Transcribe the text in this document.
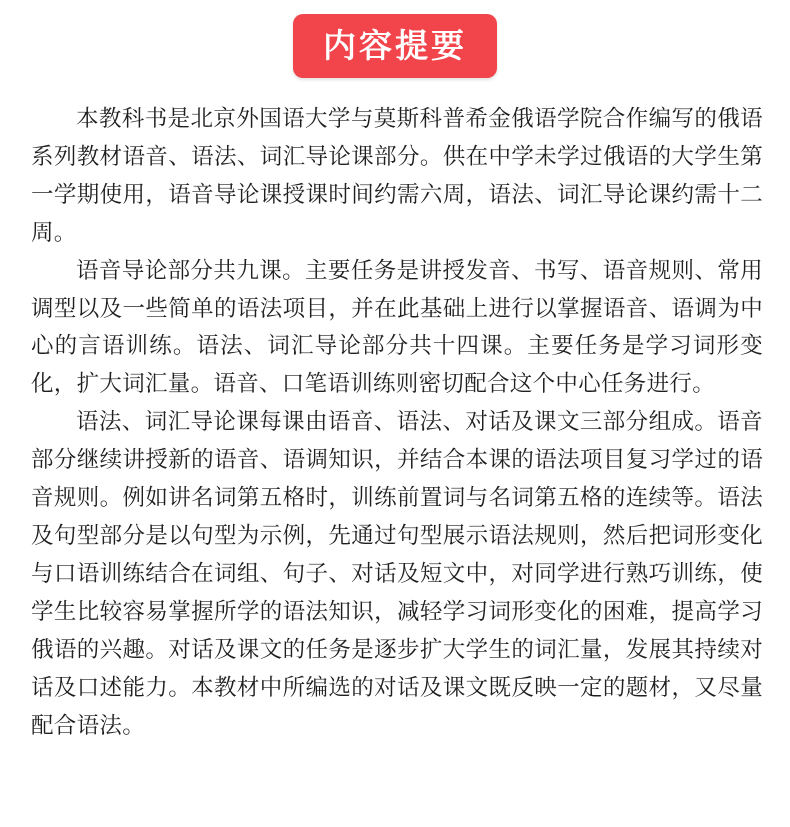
内容提要

本教科书是北京外国语大学与莫斯科普希金俄语学院合作编写的俄语系列教材语音、语法、词汇导论课部分。供在中学未学过俄语的大学生第一学期使用，语音导论课授课时间约需六周，语法、词汇导论课约需十二周。

语音导论部分共九课。主要任务是讲授发音、书写、语音规则、常用调型以及一些简单的语法项目，并在此基础上进行以掌握语音、语调为中心的言语训练。语法、词汇导论部分共十四课。主要任务是学习词形变化，扩大词汇量。语音、口笔语训练则密切配合这个中心任务进行。

语法、词汇导论课每课由语音、语法、对话及课文三部分组成。语音部分继续讲授新的语音、语调知识，并结合本课的语法项目复习学过的语音规则。例如讲名词第五格时，训练前置词与名词第五格的连续等。语法及句型部分是以句型为示例，先通过句型展示语法规则，然后把词形变化与口语训练结合在词组、句子、对话及短文中，对同学进行熟巧训练，使学生比较容易掌握所学的语法知识，减轻学习词形变化的困难，提高学习俄语的兴趣。对话及课文的任务是逐步扩大学生的词汇量，发展其持续对话及口述能力。本教材中所编选的对话及课文既反映一定的题材，又尽量配合语法。
